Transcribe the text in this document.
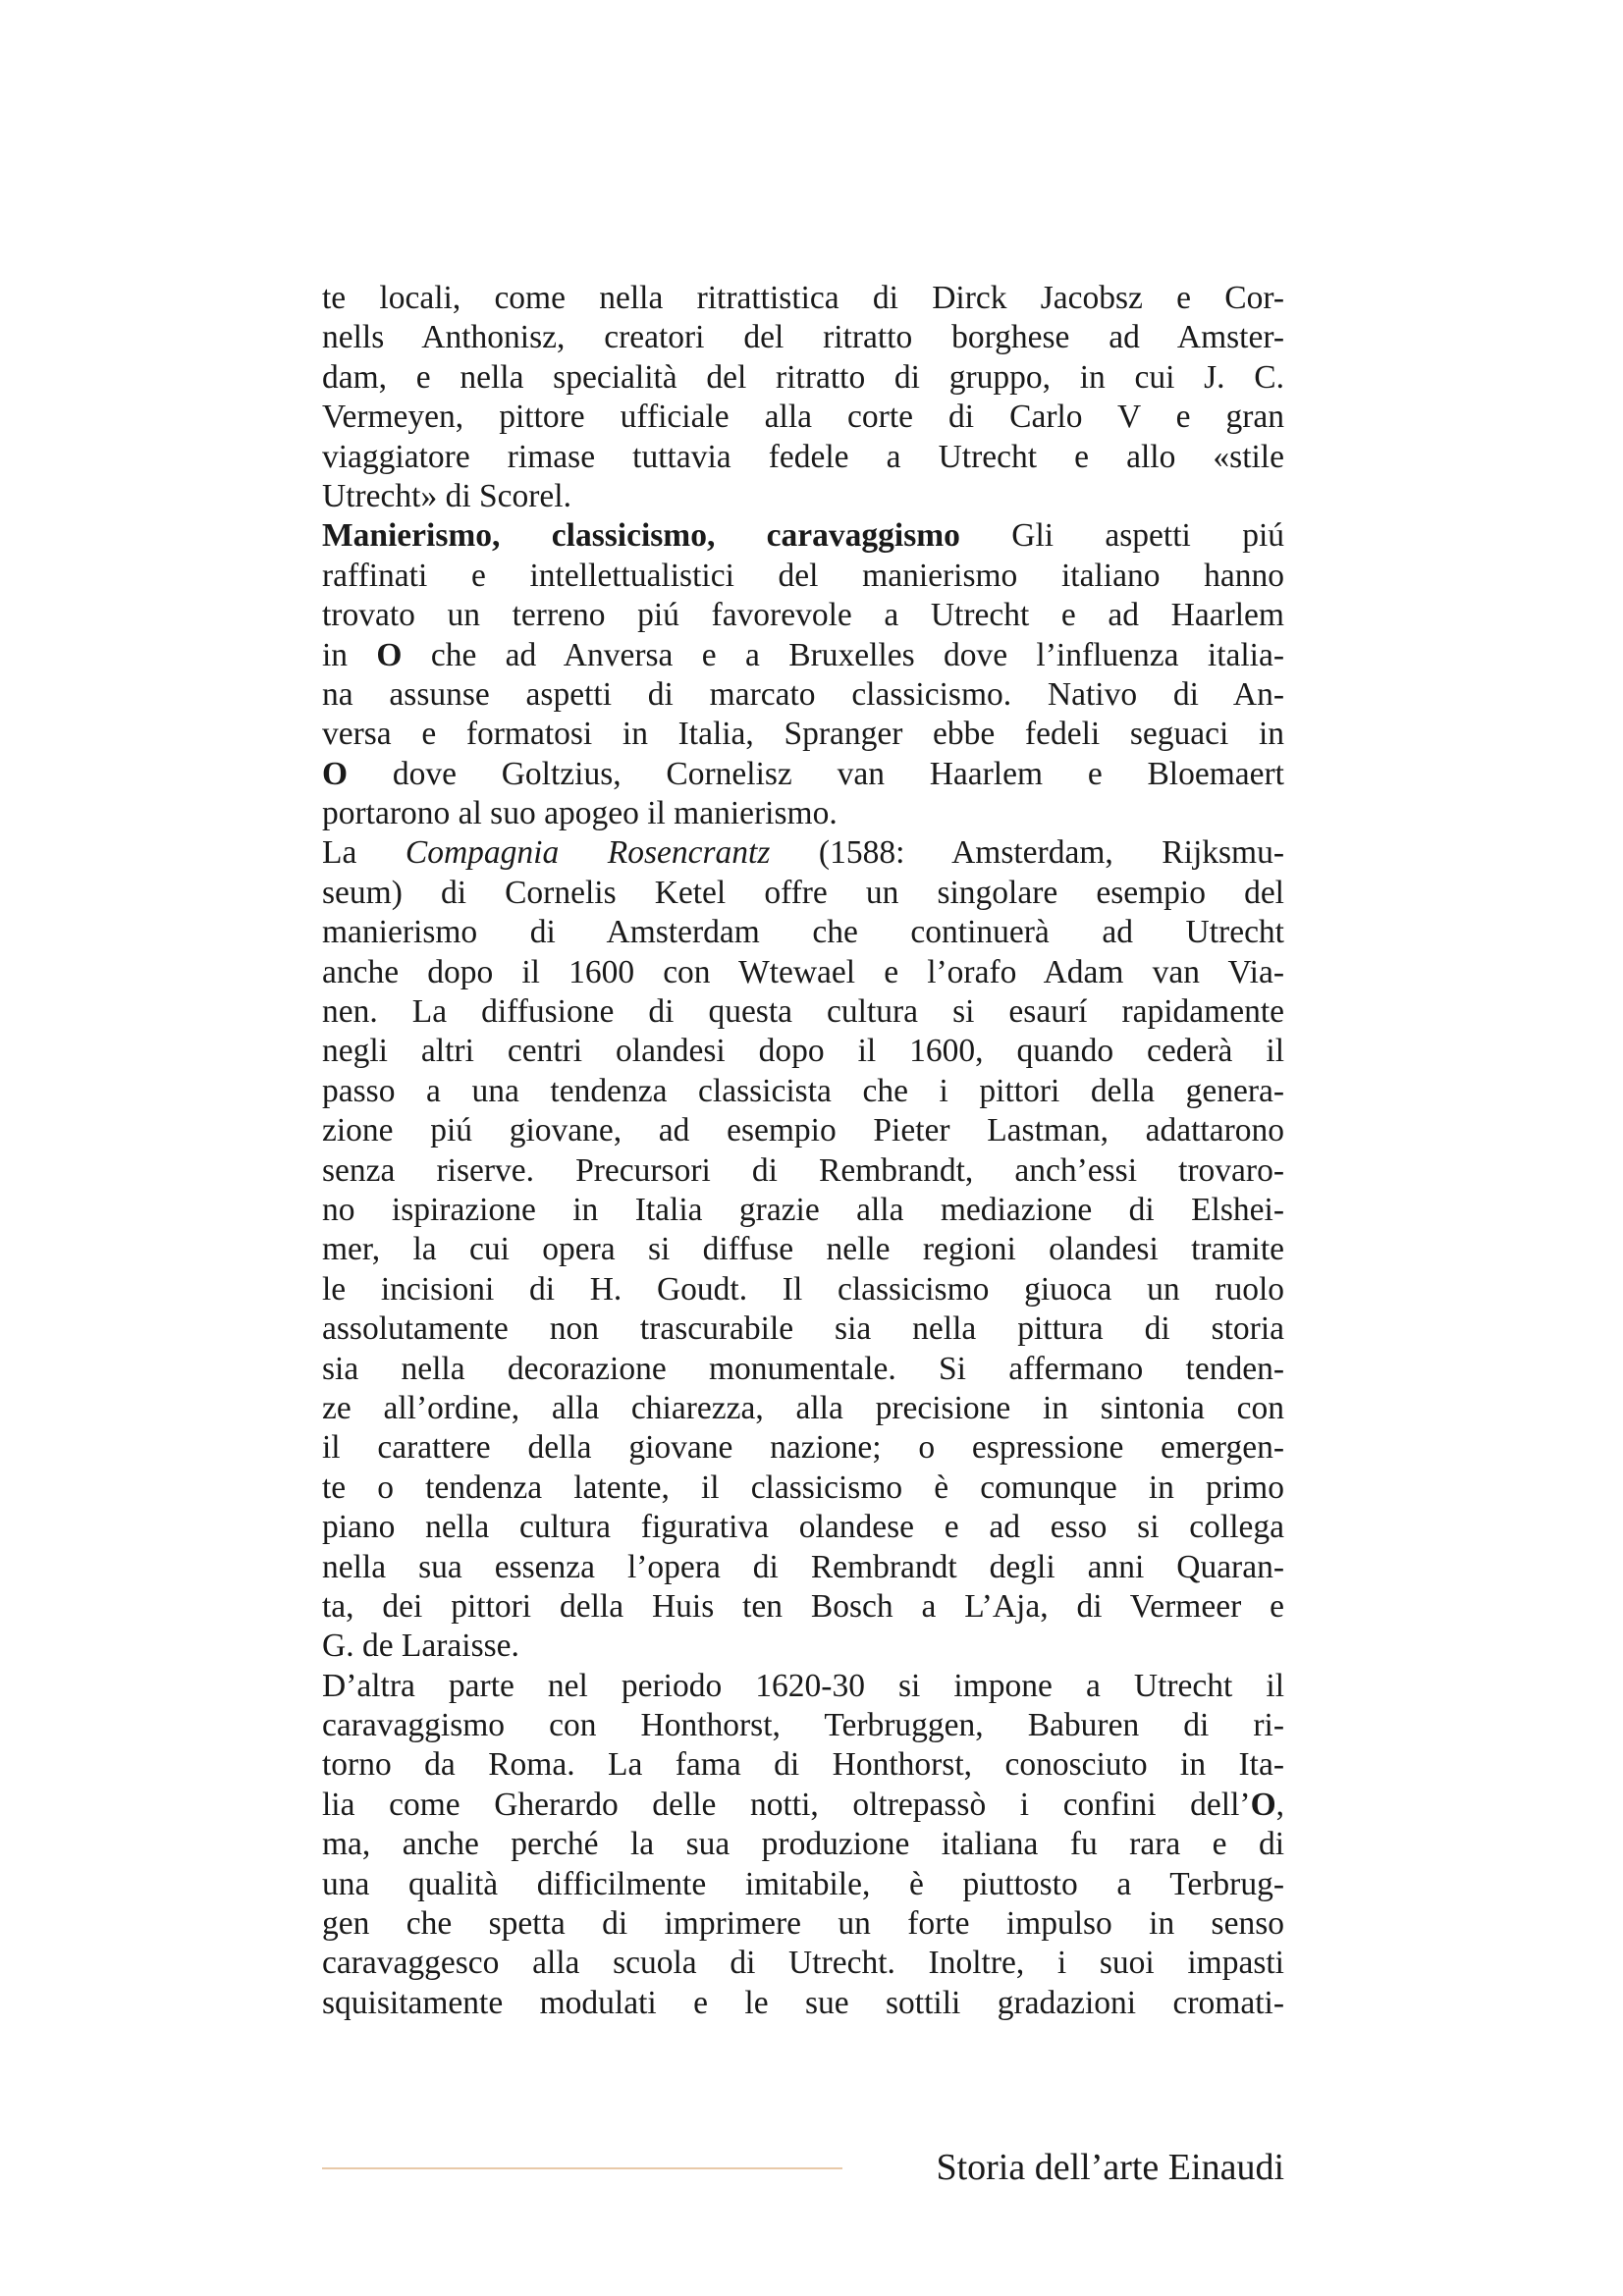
te locali, come nella ritrattistica di Dirck Jacobsz e Cor-
nells Anthonisz, creatori del ritratto borghese ad Amster-
dam, e nella specialità del ritratto di gruppo, in cui J. C.
Vermeyen, pittore ufficiale alla corte di Carlo V e gran
viaggiatore rimase tuttavia fedele a Utrecht e allo «stile
Utrecht» di Scorel.
Manierismo, classicismo, caravaggismo Gli aspetti piú
raffinati e intellettualistici del manierismo italiano hanno
trovato un terreno piú favorevole a Utrecht e ad Haarlem
in O che ad Anversa e a Bruxelles dove l’influenza italia-
na assunse aspetti di marcato classicismo. Nativo di An-
versa e formatosi in Italia, Spranger ebbe fedeli seguaci in
O dove Goltzius, Cornelisz van Haarlem e Bloemaert
portarono al suo apogeo il manierismo.
La Compagnia Rosencrantz (1588: Amsterdam, Rijksmu-
seum) di Cornelis Ketel offre un singolare esempio del
manierismo di Amsterdam che continuerà ad Utrecht
anche dopo il 1600 con Wtewael e l’orafo Adam van Via-
nen. La diffusione di questa cultura si esaurí rapidamente
negli altri centri olandesi dopo il 1600, quando cederà il
passo a una tendenza classicista che i pittori della genera-
zione piú giovane, ad esempio Pieter Lastman, adattarono
senza riserve. Precursori di Rembrandt, anch’essi trovaro-
no ispirazione in Italia grazie alla mediazione di Elshei-
mer, la cui opera si diffuse nelle regioni olandesi tramite
le incisioni di H. Goudt. Il classicismo giuoca un ruolo
assolutamente non trascurabile sia nella pittura di storia
sia nella decorazione monumentale. Si affermano tenden-
ze all’ordine, alla chiarezza, alla precisione in sintonia con
il carattere della giovane nazione; o espressione emergen-
te o tendenza latente, il classicismo è comunque in primo
piano nella cultura figurativa olandese e ad esso si collega
nella sua essenza l’opera di Rembrandt degli anni Quaran-
ta, dei pittori della Huis ten Bosch a L’Aja, di Vermeer e
G. de Laraisse.
D’altra parte nel periodo 1620-30 si impone a Utrecht il
caravaggismo con Honthorst, Terbruggen, Baburen di ri-
torno da Roma. La fama di Honthorst, conosciuto in Ita-
lia come Gherardo delle notti, oltrepassò i confini dell’O,
ma, anche perché la sua produzione italiana fu rara e di
una qualità difficilmente imitabile, è piuttosto a Terbrug-
gen che spetta di imprimere un forte impulso in senso
caravaggesco alla scuola di Utrecht. Inoltre, i suoi impasti
squisitamente modulati e le sue sottili gradazioni cromati-
Storia dell’arte Einaudi
